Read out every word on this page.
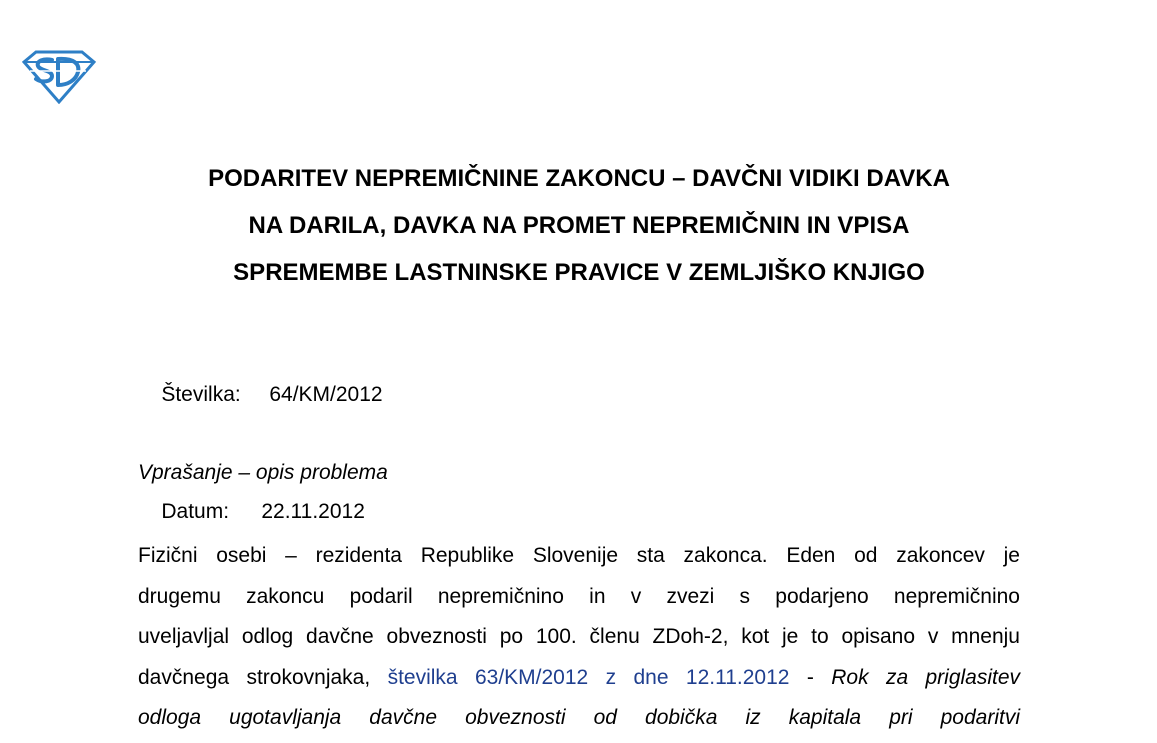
PODARITEV NEPREMIČNINE ZAKONCU – DAVČNI VIDIKI DAVKA
NA DARILA, DAVKA NA PROMET NEPREMIČNIN IN VPISA
SPREMEMBE LASTNINSKE PRAVICE V ZEMLJIŠKO KNJIGO

Številka: 64/KM/2012

Datum: 22.11.2012

Vprašanje – opis problema
Fizični osebi – rezidenta Republike Slovenije sta zakonca. Eden od zakoncev je
drugemu zakoncu podaril nepremičnino in v zvezi s podarjeno nepremičnino
uveljavljal odlog davčne obveznosti po 100. členu ZDoh-2, kot je to opisano v mnenju
davčnega strokovnjaka, številka 63/KM/2012 z dne 12.11.2012 - Rok za priglasitev
odloga ugotavljanja davčne obveznosti od dobička iz kapitala pri podaritvi
